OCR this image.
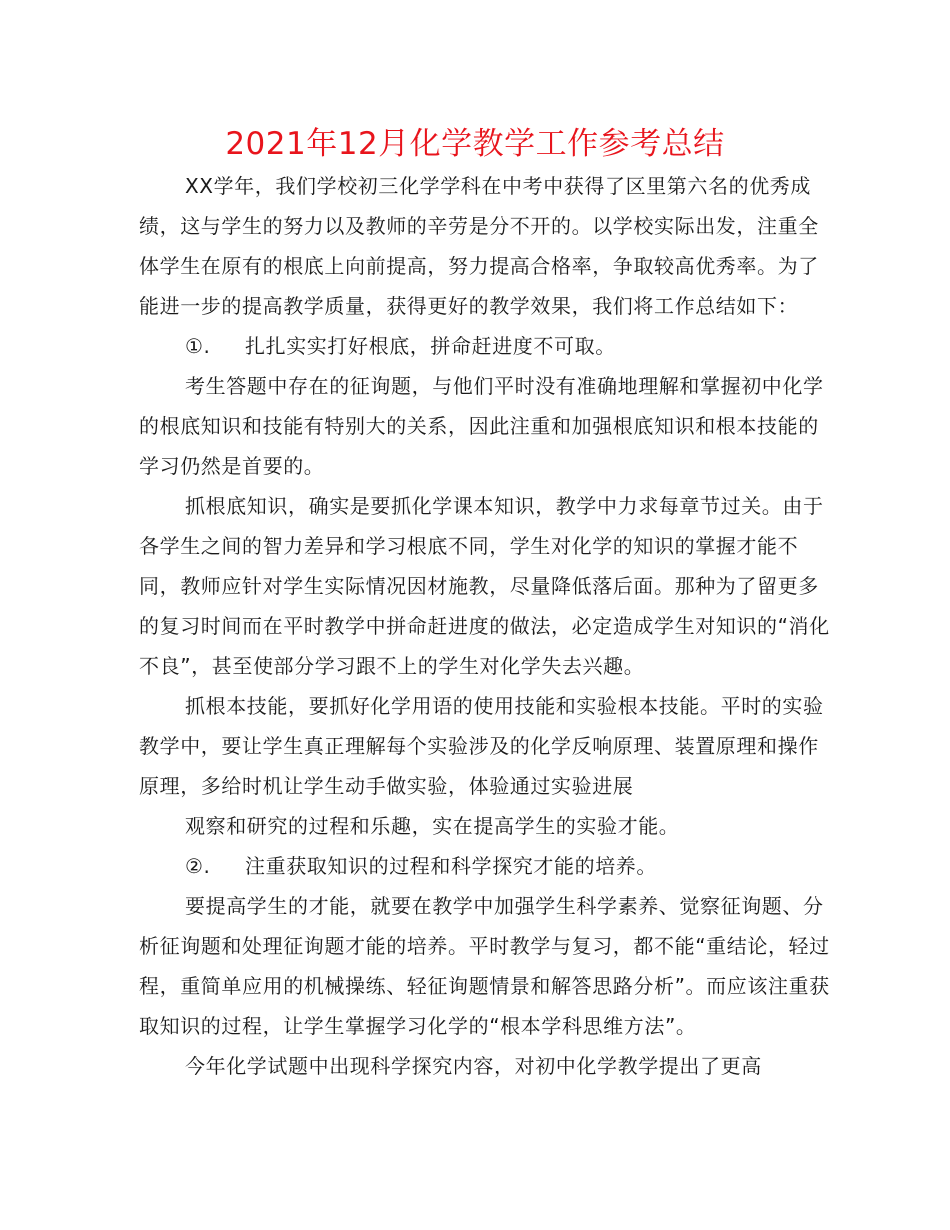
2021年12月化学教学工作参考总结

XX学年，我们学校初三化学学科在中考中获得了区里第六名的优秀成绩，这与学生的努力以及教师的辛劳是分不开的。以学校实际出发，注重全体学生在原有的根底上向前提高，努力提高合格率，争取较高优秀率。为了能进一步的提高教学质量，获得更好的教学效果，我们将工作总结如下：

①. 扎扎实实打好根底，拼命赶进度不可取。

考生答题中存在的征询题，与他们平时没有准确地理解和掌握初中化学的根底知识和技能有特别大的关系，因此注重和加强根底知识和根本技能的学习仍然是首要的。

抓根底知识，确实是要抓化学课本知识，教学中力求每章节过关。由于各学生之间的智力差异和学习根底不同，学生对化学的知识的掌握才能不同，教师应针对学生实际情况因材施教，尽量降低落后面。那种为了留更多的复习时间而在平时教学中拼命赶进度的做法，必定造成学生对知识的“消化不良”，甚至使部分学习跟不上的学生对化学失去兴趣。

抓根本技能，要抓好化学用语的使用技能和实验根本技能。平时的实验教学中，要让学生真正理解每个实验涉及的化学反响原理、装置原理和操作原理，多给时机让学生动手做实验，体验通过实验进展

观察和研究的过程和乐趣，实在提高学生的实验才能。

②. 注重获取知识的过程和科学探究才能的培养。

要提高学生的才能，就要在教学中加强学生科学素养、觉察征询题、分析征询题和处理征询题才能的培养。平时教学与复习，都不能“重结论，轻过程，重简单应用的机械操练、轻征询题情景和解答思路分析”。而应该注重获取知识的过程，让学生掌握学习化学的“根本学科思维方法”。

今年化学试题中出现科学探究内容，对初中化学教学提出了更高
